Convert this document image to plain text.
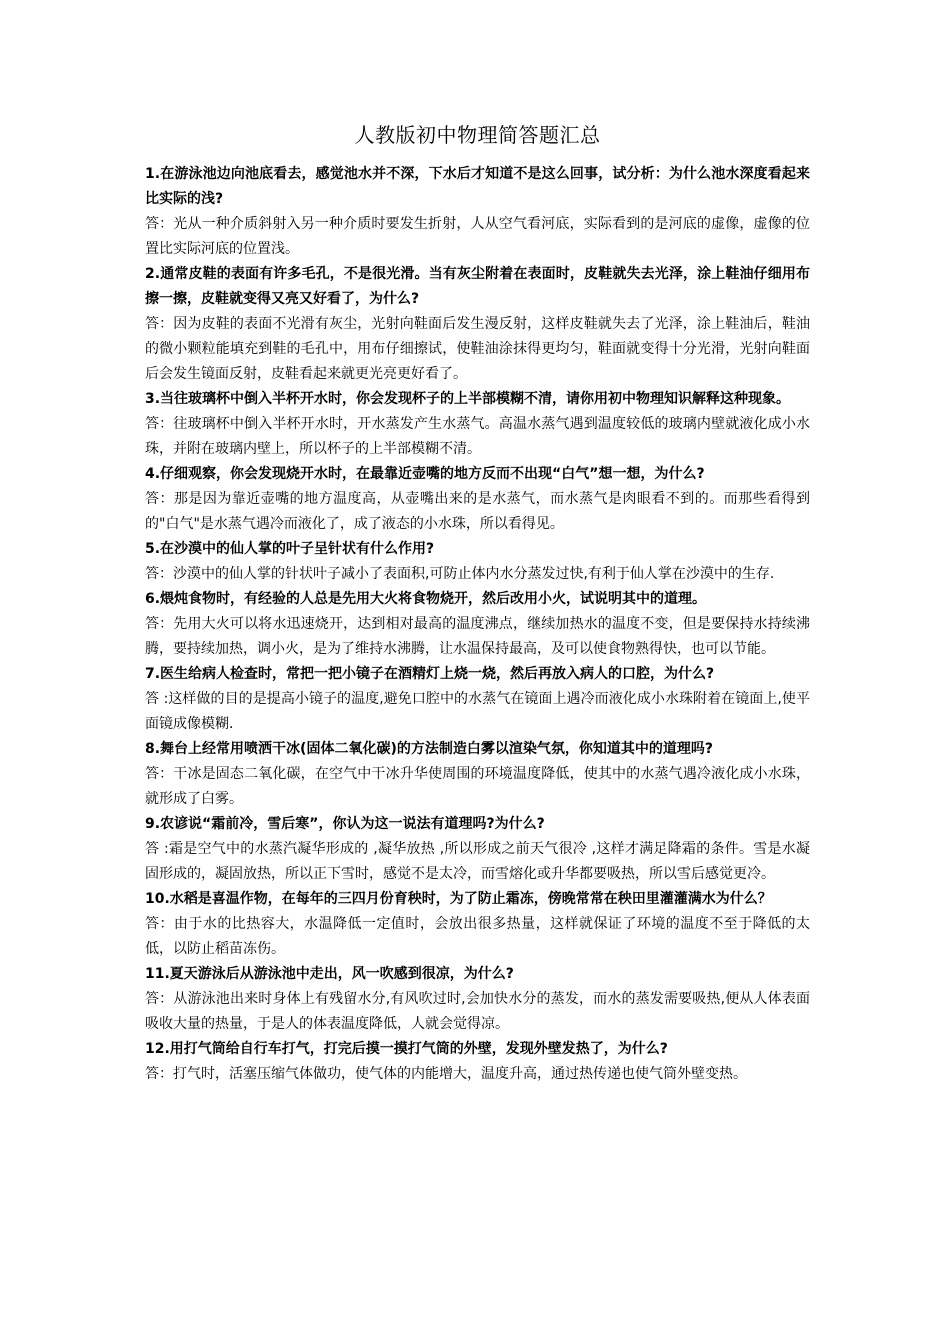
人教版初中物理简答题汇总

1.在游泳池边向池底看去，感觉池水并不深，下水后才知道不是这么回事，试分析：为什么池水深度看起来比实际的浅?

答：光从一种介质斜射入另一种介质时要发生折射，人从空气看河底，实际看到的是河底的虚像，虚像的位置比实际河底的位置浅。

2.通常皮鞋的表面有许多毛孔，不是很光滑。当有灰尘附着在表面时，皮鞋就失去光泽，涂上鞋油仔细用布擦一擦，皮鞋就变得又亮又好看了，为什么?

答：因为皮鞋的表面不光滑有灰尘，光射向鞋面后发生漫反射，这样皮鞋就失去了光泽，涂上鞋油后，鞋油的微小颗粒能填充到鞋的毛孔中，用布仔细擦试，使鞋油涂抹得更均匀，鞋面就变得十分光滑，光射向鞋面后会发生镜面反射，皮鞋看起来就更光亮更好看了。

3.当往玻璃杯中倒入半杯开水时，你会发现杯子的上半部模糊不清，请你用初中物理知识解释这种现象。

答：往玻璃杯中倒入半杯开水时，开水蒸发产生水蒸气。高温水蒸气遇到温度较低的玻璃内壁就液化成小水珠，并附在玻璃内壁上，所以杯子的上半部模糊不清。

4.仔细观察，你会发现烧开水时，在最靠近壶嘴的地方反而不出现“白气”想一想，为什么?

答：那是因为靠近壶嘴的地方温度高，从壶嘴出来的是水蒸气，而水蒸气是肉眼看不到的。而那些看得到的"白气"是水蒸气遇冷而液化了，成了液态的小水珠，所以看得见。

5.在沙漠中的仙人掌的叶子呈针状有什么作用?

答：沙漠中的仙人掌的针状叶子减小了表面积,可防止体内水分蒸发过快,有利于仙人掌在沙漠中的生存.

6.煨炖食物时，有经验的人总是先用大火将食物烧开，然后改用小火，试说明其中的道理。

答：先用大火可以将水迅速烧开，达到相对最高的温度沸点，继续加热水的温度不变，但是要保持水持续沸腾，要持续加热，调小火，是为了维持水沸腾，让水温保持最高，及可以使食物熟得快，也可以节能。

7.医生给病人检查时，常把一把小镜子在酒精灯上烧一烧，然后再放入病人的口腔，为什么?

答 :这样做的目的是提高小镜子的温度,避免口腔中的水蒸气在镜面上遇冷而液化成小水珠附着在镜面上,使平面镜成像模糊.

8.舞台上经常用喷洒干冰(固体二氧化碳)的方法制造白雾以渲染气氛，你知道其中的道理吗?

答：干冰是固态二氧化碳，在空气中干冰升华使周围的环境温度降低，使其中的水蒸气遇冷液化成小水珠，就形成了白雾。

9.农谚说“霜前冷，雪后寒”，你认为这一说法有道理吗?为什么?

答 :霜是空气中的水蒸汽凝华形成的 ,凝华放热 ,所以形成之前天气很冷 ,这样才满足降霜的条件。雪是水凝固形成的，凝固放热，所以正下雪时，感觉不是太冷，而雪熔化或升华都要吸热，所以雪后感觉更冷。

10.水稻是喜温作物，在每年的三四月份育秧时，为了防止霜冻，傍晚常常在秧田里灌灌满水为什么？

答：由于水的比热容大，水温降低一定值时，会放出很多热量，这样就保证了环境的温度不至于降低的太低，以防止稻苗冻伤。

11.夏天游泳后从游泳池中走出，风一吹感到很凉，为什么?

答：从游泳池出来时身体上有残留水分,有风吹过时,会加快水分的蒸发，而水的蒸发需要吸热,便从人体表面吸收大量的热量，于是人的体表温度降低，人就会觉得凉。

12.用打气筒给自行车打气，打完后摸一摸打气筒的外壁，发现外壁发热了，为什么?

答：打气时，活塞压缩气体做功，使气体的内能增大，温度升高，通过热传递也使气筒外壁变热。
